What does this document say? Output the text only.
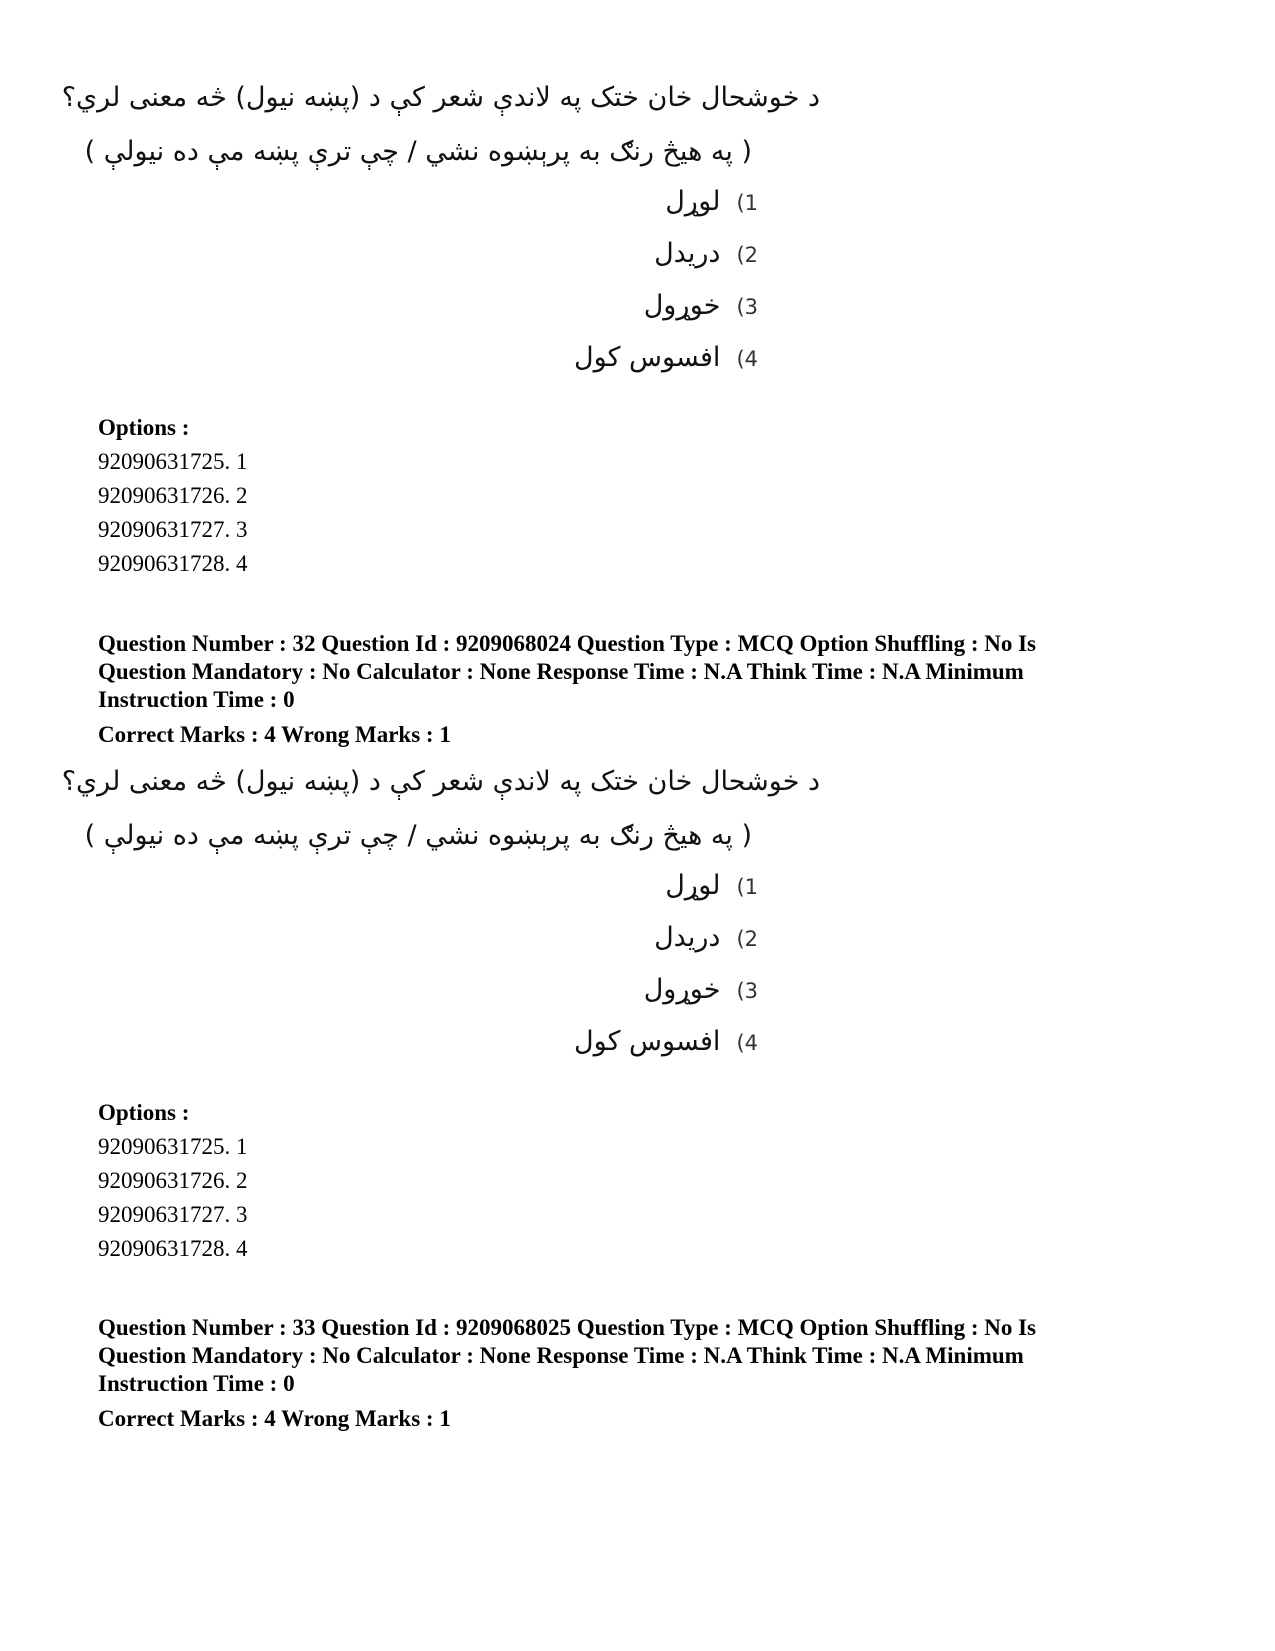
د خوشحال خان ختک په لاندې شعر کې د (پښه نیول) څه معنی لري؟
( په هیڅ رنګ به پرېښوه نشي / چې ترې پښه مې ده نیولې )
(1لوړل
(2دریدل
(3خوړول
(4افسوس کول
Options :
92090631725. 1
92090631726. 2
92090631727. 3
92090631728. 4
Question Number : 32 Question Id : 9209068024 Question Type : MCQ Option Shuffling : No Is
Question Mandatory : No Calculator : None Response Time : N.A Think Time : N.A Minimum
Instruction Time : 0
Correct Marks : 4 Wrong Marks : 1
د خوشحال خان ختک په لاندې شعر کې د (پښه نیول) څه معنی لري؟
( په هیڅ رنګ به پرېښوه نشي / چې ترې پښه مې ده نیولې )
(1لوړل
(2دریدل
(3خوړول
(4افسوس کول
Options :
92090631725. 1
92090631726. 2
92090631727. 3
92090631728. 4
Question Number : 33 Question Id : 9209068025 Question Type : MCQ Option Shuffling : No Is
Question Mandatory : No Calculator : None Response Time : N.A Think Time : N.A Minimum
Instruction Time : 0
Correct Marks : 4 Wrong Marks : 1
